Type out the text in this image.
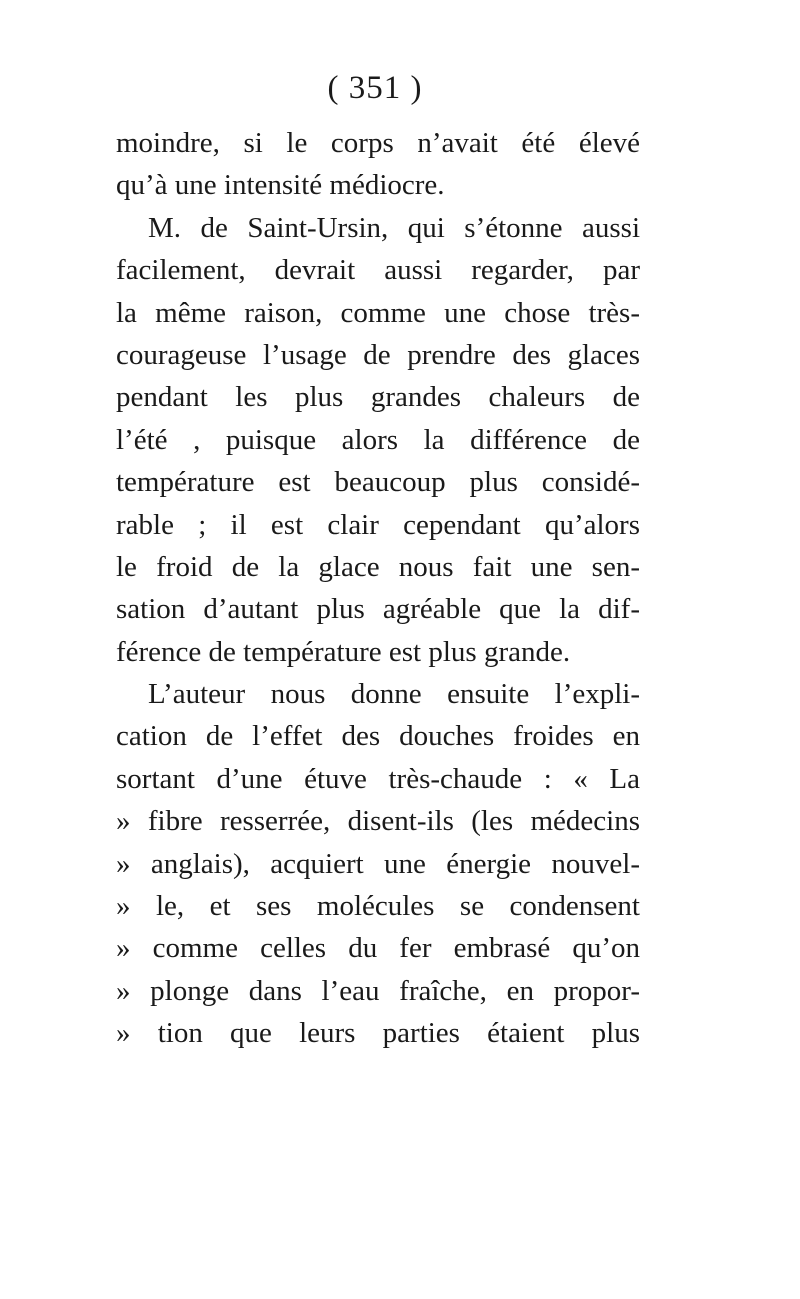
( 351 )
moindre, si le corps n’avait été élevé
qu’à une intensité médiocre.
M. de Saint-Ursin, qui s’étonne aussi
facilement, devrait aussi regarder, par
la même raison, comme une chose très-
courageuse l’usage de prendre des glaces
pendant les plus grandes chaleurs de
l’été , puisque alors la différence de
température est beaucoup plus considé-
rable ; il est clair cependant qu’alors
le froid de la glace nous fait une sen-
sation d’autant plus agréable que la dif-
férence de température est plus grande.
L’auteur nous donne ensuite l’expli-
cation de l’effet des douches froides en
sortant d’une étuve très-chaude : « La
» fibre resserrée, disent-ils (les médecins
» anglais), acquiert une énergie nouvel-
» le, et ses molécules se condensent
» comme celles du fer embrasé qu’on
» plonge dans l’eau fraîche, en propor-
» tion que leurs parties étaient plus
